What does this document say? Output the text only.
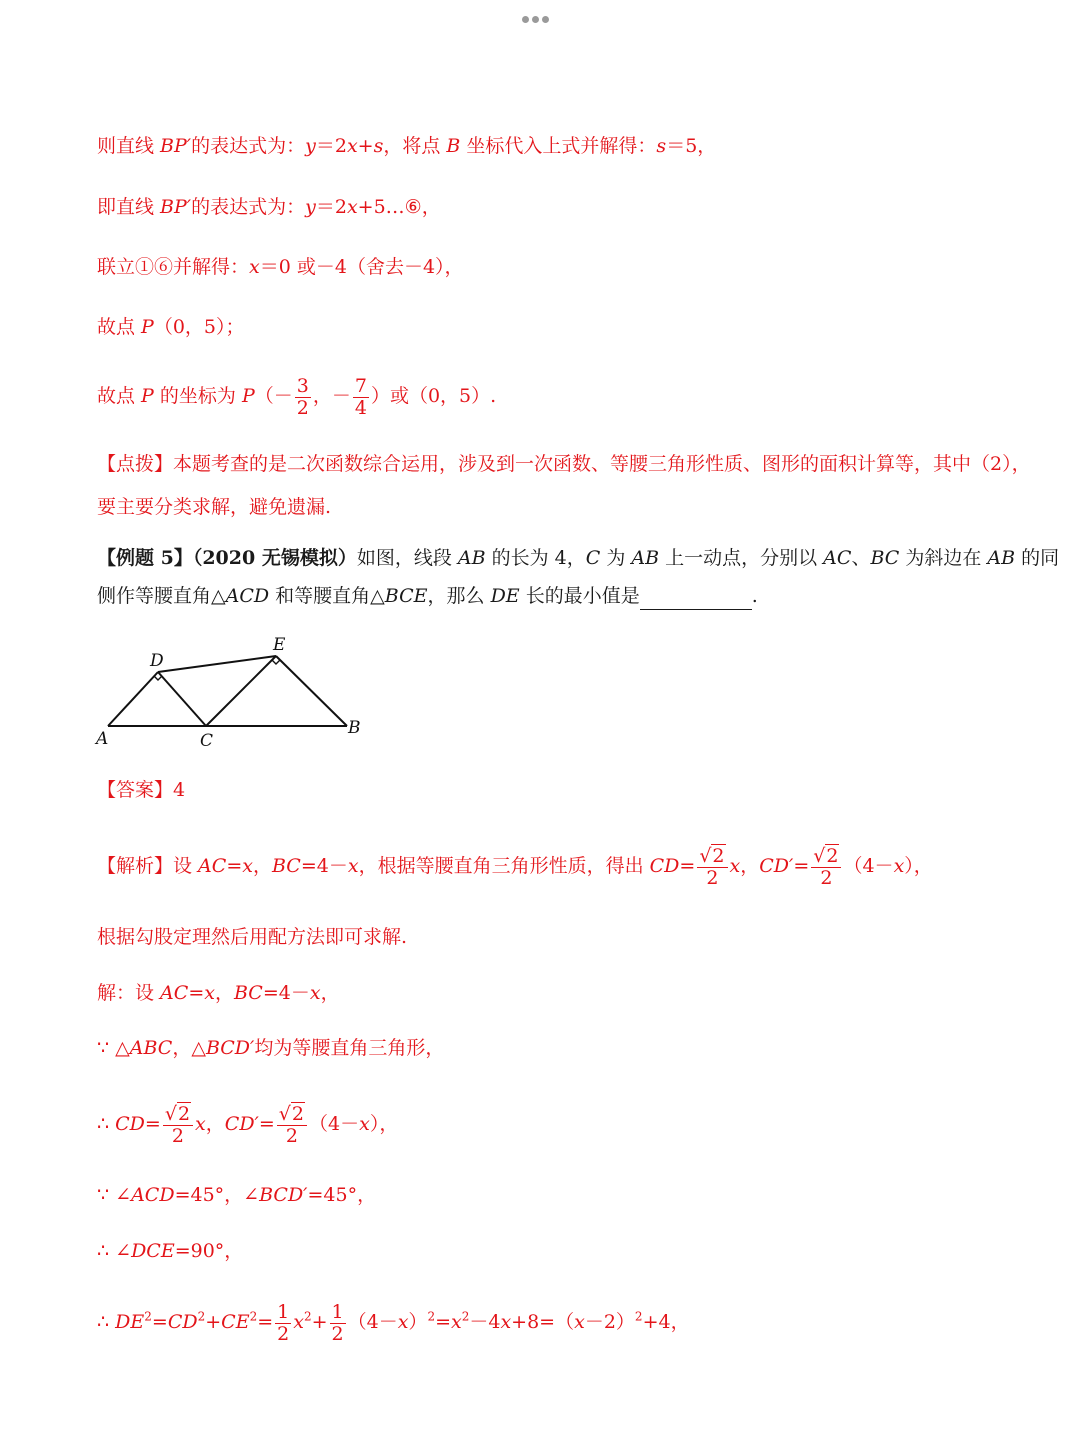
则直线 BP′的表达式为：y＝2x+s，将点 B 坐标代入上式并解得：s＝5，
即直线 BP′的表达式为：y＝2x+5…⑥，
联立①⑥并解得：x＝0 或－4（舍去－4），
故点 P（0，5）；
故点 P 的坐标为 $P(- \frac{3}{2}$ ，－ $\frac{7}{4}$ ）或（0，5）.
【点拨】本题考查的是二次函数综合运用，涉及到一次函数、等腰三角形性质、图形的面积计算等，其中（2），
要主要分类求解，避免遗漏.
【例题 5】（2020 无锡模拟）如图，线段 AB 的长为 4，C 为 AB 上一动点，分别以 AC、BC 为斜边在 AB 的同
侧作等腰直角△ACD 和等腰直角△BCE，那么 DE 长的最小值是	.
A
B
C
D
E
【答案】4
【解析】设 AC=x，BC=4－x，根据等腰直角三角形性质，得出 $CD= \frac{√2}{2}$ x，$CD'= \frac{√2}{2} (4-x)$，
根据勾股定理然后用配方法即可求解.
解：设 AC=x，BC=4－x，
∵ △ABC，△BCD′均为等腰直角三角形，
∴ $CD= \frac{√2}{2}$ x，$CD'= \frac{√2}{2} (4-x)$，
∵ ∠ACD=45°，∠BCD′=45°，
∴ ∠DCE=90°，
∴ $DE^2=CD^2+CE^2= \frac{1}{2} x^2+ \frac{1}{2} (4-x)^2=x^2-4x+8=(x-2)^2+4$，
